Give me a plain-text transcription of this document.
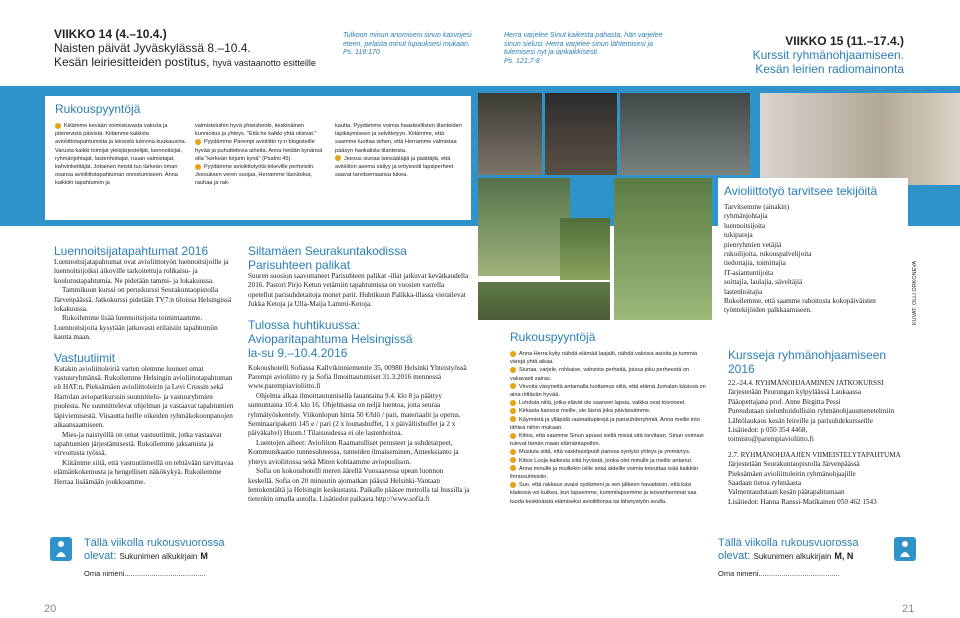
VIIKKO 14 (4.–10.4.)
Naisten päivät Jyväskylässä 8.–10.4.
Kesän leiriesitteiden postitus, hyvä vastaanotto esitteille
Tulkoon minun anomiseni sinun kasvojesi eteen, pelasta minut lupauksesi mukaan.
Ps. 119:170
Herra varjelee Sinut kaikesta pahasta, hän varjelee sinun sielusi. Herra varjelee sinun lähtemisesi ja tulemisesi nyt ja iankaikkisesti.
Ps. 121:7-8
VIIKKO 15 (11.–17.4.)
Kurssit ryhmänohjaamiseen.
Kesän leirien radiomainonta
Rukouspyyntöjä
Kiitämme kevään voimistuvasta valosta ja pitenevistä päivistä. Kiitämme kaikista avioliittotapahtumista ja leireistä tulevina kuukausina. Varusta kaikki toimijat yleisjärjestelijät, luennoitsijat, ryhmänjohtajat, lastenhoitajat, ruuan valmistajat, kahvinkeittäjät. Jokainen heistä tuo tärkeän oman osansa avioliittotapahtuman onnistumiseen. Anna kaikkiin tapahtumiin ja
valmisteluihin hyvä yhteishenki, keskinäinen kunnioitus ja yhteys. "Että he kaikki yhtä olisivat."
Pyydämme Parempi avioliitto ry:n blogisteille hyvää ja puhuttelevia aiheita. Anna heidän kynänsä olla "kerkeän kirjurin kynä" (Psalmi 45).
Pyydämme avioliittotyötä tekeville perheisiin. Jeesuksen veren suojaa, Herramme läsnäoloa, rauhaa ja rak-
kautta. Pyydämme voimia haasteellisten tilanteiden läpikäymiseen ja selvittelyyn. Kiitämme, että saamme luottaa siihen, että Herramme valmistaa pääsyn hankalista tilanteista.
Jeesus siunaa lainsäätäjiä ja päättäjiä, että avioliiton asema säilyy ja erityisesti lapsiperheet saavat tarvitsemaansa tukea.
Avioliittotyö tarvitsee tekijöitä

Tarvitsemme (ainakin)

ryhmänjohtajia

luennoitsijoita

tukipareja

pienryhmien vetäjiä

rukoilijoita, rukouspalvelijoita

tiedottajia, toimittajia

IT-asiantuntijoita

soittajia, laulajia, säveltäjiä

lastenhoitajia

Rukoilemme, että saamme rahoitusta kokopäiväisten työntekijöiden palkkaamiseen.	KUVAT: OLLI ORKONEVA
Luennoitsijatapahtumat 2016

Luennoitsijatapahtumat ovat avioliittotyön luennoitsijoille ja luennoitsijoiksi aikoville tarkoitettuja rohkaisu- ja koulutustapahtumia. Ne pidetään tammi- ja lokakuussa.

Tammikuun kurssi on peruskurssi Seurakuntaopistolla Järvenpäässä. Jatkokurssi pidetään TV7:n tiloissa Helsingissä lokakuussa.

Rukoilemme lisää luennoitsijoita toimintaamme. Luennoitsijoita kysytään jatkuvasti erilaisiin tapahtumiin kautta maan.

Vastuutiimit

Kutakin avioliittoleiriä varten olemme luoneet omat vastuuryhmänsä. Rukoilemme Helsingin avioliittotapahtuman eli HAT:n, Pieksämäen avioliittoleirin ja Levi Crossin sekä Hartolan avioparikurssin suunnittelu- ja vastuuryhmien puolesta. Ne suunnittelevat ohjelman ja vastaavat tapahtumien läpiviemisestä. Viisautta heille oikeiden ryhmäkokoonpanojen aikaansaamiseen.

Mies-ja naistyöllä on omat vastuutiimit, jotka vastaavat tapahtumien järjestämisestä. Rukoilemme jaksamista ja virvoitusta työssä.

Kiitämme siitä, että vastuutiimeillä on tehtävään tarvittavaa elämänkokemusta ja hengellisen näkökykyä. Rukoilemme Herraa lisäämään joukkoamme.

Siltamäen Seurakuntakodissa
Parisuhteen palikat

Suuren suosion saavuttaneet Parisuhteen palikat -illat jatkuvat kevätkaudella 2016. Pastori Pirjo Ketun vetämiin tapahtumissa on vuosien varrella opetellut parisuhdetaitoja monet parit. Huhtikuun Palikka-illassa vierailevat Jukka Ketoja ja Ulla-Maija Lammi-Ketoja.

Tulossa huhtikuussa:
Avioparitapahtuma Helsingissä
la-su 9.–10.4.2016

Kokoushotelli Sofiassa Kallvikinniementie 35, 00980 Helsinki Yhteistyössä Parempi avioliitto ry ja Sofia Ilmoittautumiset 31.3.2016 mennessä www.parempiavioliitto.fi

Ohjelma alkaa ilmoittautumisella lauantaina 9.4. klo 8 ja päättyy sunnuntaina 10.4. klo 16. Ohjelmassa on neljä luentoa, joita seuraa ryhmätyöskentely. Viikonlopun hinta 50 €/hlö / pari, materiaalit ja opetus. Seminaaripaketti 145 e / pari (2 x lounasbuffet, 1 x päivällisbuffet ja 2 x päiväkahvi) Huom.! Tilaisuudessa ei ole lastenhoitoa.

Luentojen aiheet: Avioliiton Raamatulliset perusteet ja suhdetarpeet, Kommunikaatio tunnesuhteessa, tunteiden ilmaiseminen, Anteeksianto ja yhteys avioliitossa sekä Miten kohtaamme aviopuolison.

Sofia on kokoushotelli meren äärellä Vuosaaressa upean luonnon keskellä. Sofia on 20 minuutin ajomatkan päässä Helsinki-Vantaan lentokentältä ja Helsingin keskustasta. Paikalle pääsee metrolla tai bussilla ja tietenkin omalla autolla. Lisätiedot paikasta http://www.sofia.fi

Rukouspyyntöjä

Anna Herra kyky nähdä elämää laajalti, nähdä valoisia asioita ja tummia värejä yhtä aikaa.

Siunaa, varjele, rohkaise, vahvista perheitä, joissa joku perheestä on vakavasti sairas.

Virvoita väsyneitä antamalla luottamus siitä, että elämä Jumalan käsissä on aina riittävän hyvää.

Lohduta niitä, jotka elävät ole saaneet lapsia, vaikka ovat toivoneet.

Kirkasta kasvosi meille, ole läsnä joka päivässämme.

Käynnistä ja ylläpidä raamattupiirejä ja parisuhderyhmiä. Anna meille into lähteä niihin mukaan.

Kiitos, että saamme Sinun apuasi siellä missä sitä tarvitaan. Sinun voimasi tulevat tämän maan elämäntapoihin.

Mustuta siitä, että vaskhuolipuoli parissa syntyisi yhteys ja ymmärrys.

Kiitos Luoja kaikesta siitä hyvästä, jonka olet minulle ja meille antanut.

Anna minulle ja muillekin isille sekä äideille voimia toteuttaa isää kaikkiin ihmissuhteisiin.

Suo, että rakkaus avaisi sydämeni ja sen jälkeen havaitsisin, että käsi kädessä voi kulkea, kun lapsemme, kummilapsemme ja isovanhemmat saa tuoda keskinäistä elämiseksi avioliittonsa tai lähetystyön avulla.

Kursseja ryhmänohjaamiseen
2016

22.-24.4. RYHMÄNOHJAAMINEN JATKOKURSSI

Järjestetään Peurungan kylpyläässä Laukaassa

Pääopettajana prof. Anne Birgitta Pessi

Pureudutaan sielunhoidollisiin ryhmänohjausmenetelmiin

Lähtölaukaus kesän leireille ja parisuhdekursseille

Lisätiedot: p 050 354 4468,

toimisto@parempiavioliitto.fi

2.7. RYHMÄNOHJAAJIEN VIIMEISTELYTAPAHTUMA

Järjestetään Seurakuntaopistolla Järvenpäässä

Pieksämäen avioliittoleirin ryhmänohjaajille

Saadaan tietoa ryhmäasta

Valmentaudutaan kesän päätapahtumaan

Lisätiedot: Hanna Ranssi-Matikainen 050 462 1543

Tällä viikolla rukousvuorossa
olevat: Sukunimen alkukirjain M
Oma nimeni.......................................
Tällä viikolla rukousvuorossa
olevat: Sukunimen alkukirjain M, N
Oma nimeni.......................................
20	21
